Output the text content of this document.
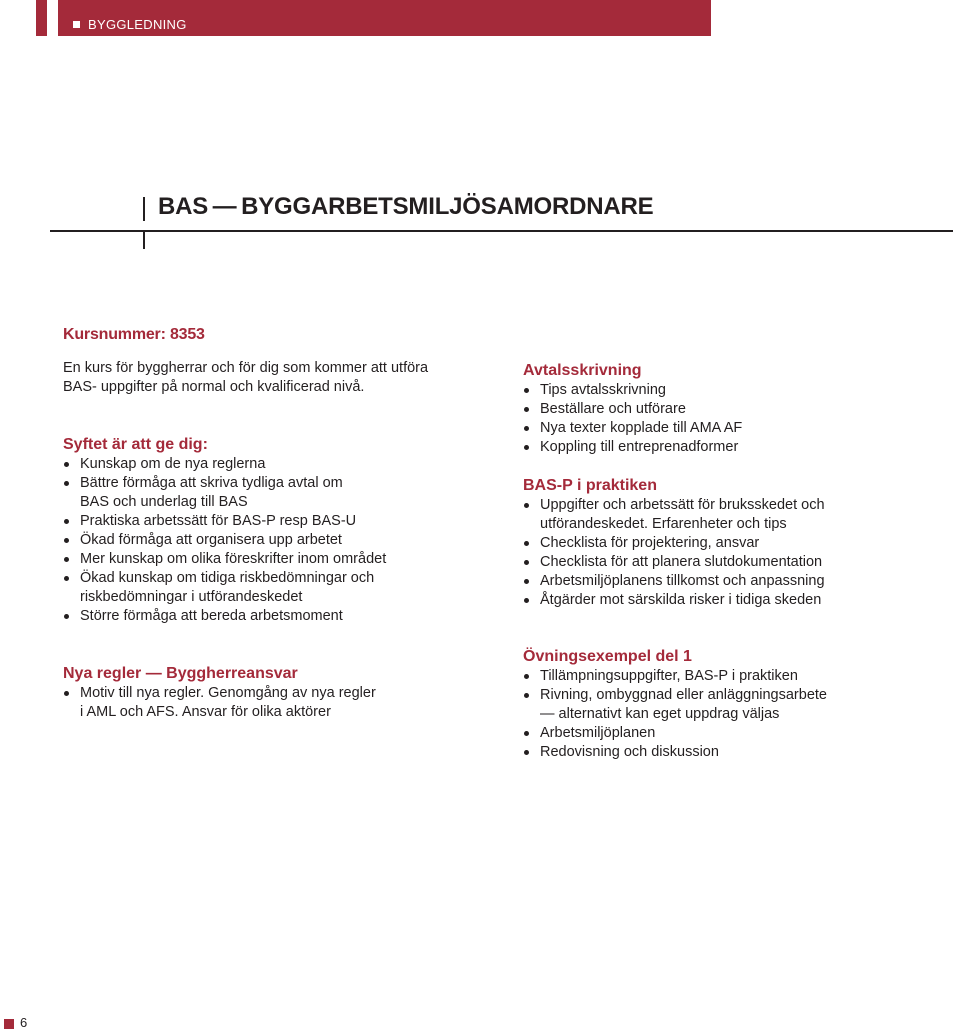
BYGGLEDNING
BAS — BYGGARBETSMILJÖSAMORDNARE

Kursnummer: 8353

En kurs för byggherrar och för dig som kommer att utföra
BAS- uppgifter på normal och kvalificerad nivå.

Syftet är att ge dig:
Kunskap om de nya reglerna
Bättre förmåga att skriva tydliga avtal om
BAS och underlag till BAS
Praktiska arbetssätt för BAS-P resp BAS-U
Ökad förmåga att organisera upp arbetet
Mer kunskap om olika föreskrifter inom området
Ökad kunskap om tidiga riskbedömningar och
riskbedömningar i utförandeskedet
Större förmåga att bereda arbetsmoment
Nya regler — Byggherreansvar
Motiv till nya regler. Genomgång av nya regler
i AML och AFS. Ansvar för olika aktörer
Avtalsskrivning
Tips avtalsskrivning
Beställare och utförare
Nya texter kopplade till AMA AF
Koppling till entreprenadformer
BAS-P i praktiken
Uppgifter och arbetssätt för bruksskedet och
utförandeskedet. Erfarenheter och tips
Checklista för projektering, ansvar
Checklista för att planera slutdokumentation
Arbetsmiljöplanens tillkomst och anpassning
Åtgärder mot särskilda risker i tidiga skeden
Övningsexempel del 1
Tillämpningsuppgifter, BAS-P i praktiken
Rivning, ombyggnad eller anläggningsarbete
— alternativt kan eget uppdrag väljas
Arbetsmiljöplanen
Redovisning och diskussion
6
